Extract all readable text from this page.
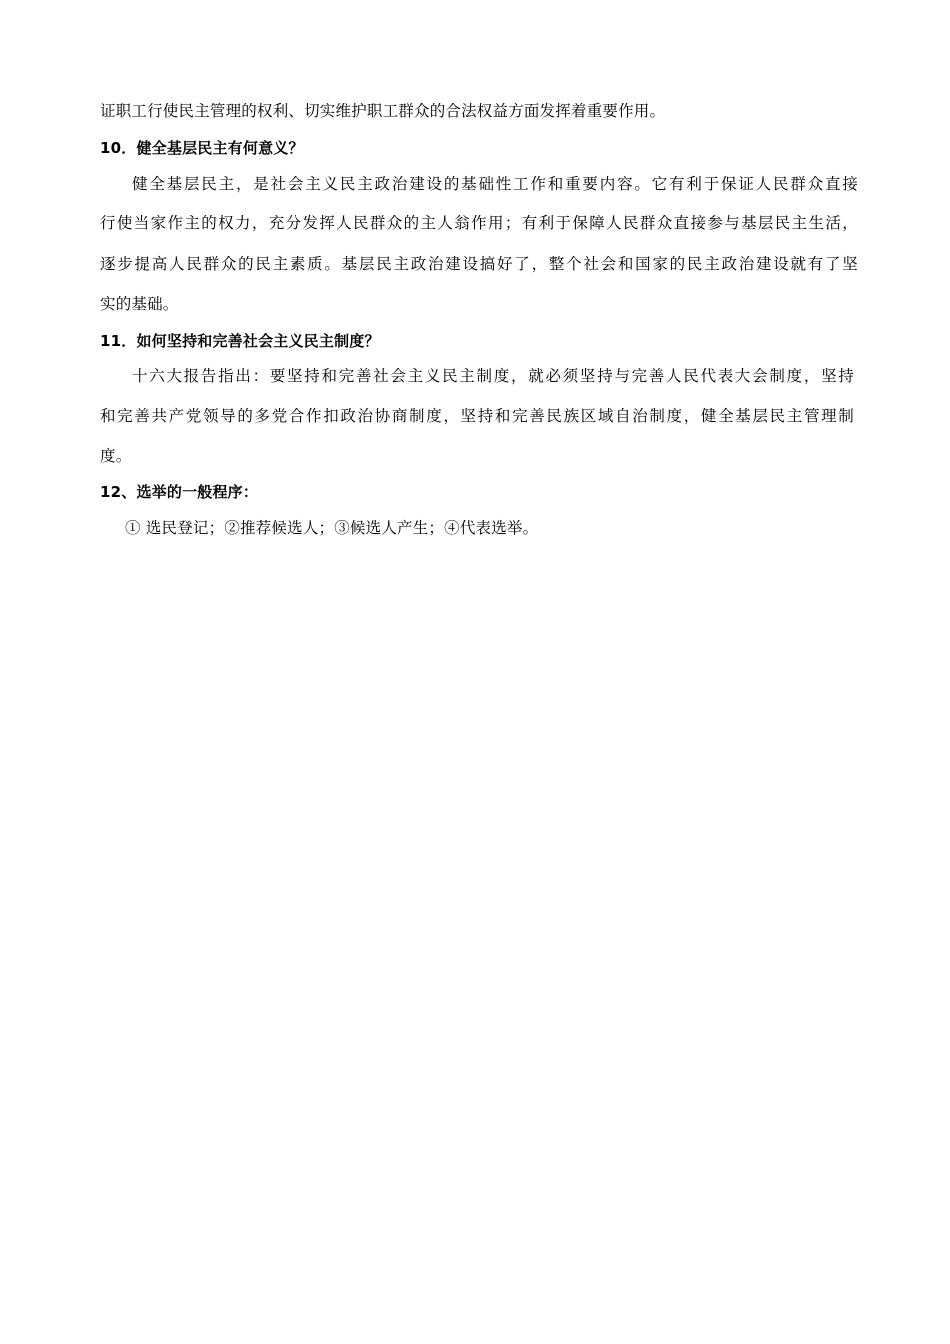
证职工行使民主管理的权利、切实维护职工群众的合法权益方面发挥着重要作用。
10．健全基层民主有何意义？
健全基层民主，是社会主义民主政治建设的基础性工作和重要内容。它有利于保证人民群众直接
行使当家作主的权力，充分发挥人民群众的主人翁作用；有利于保障人民群众直接参与基层民主生活，
逐步提高人民群众的民主素质。基层民主政治建设搞好了，整个社会和国家的民主政治建设就有了坚
实的基础。
11．如何坚持和完善社会主义民主制度？
十六大报告指出：要坚持和完善社会主义民主制度，就必须坚持与完善人民代表大会制度，坚持
和完善共产党领导的多党合作扣政治协商制度，坚持和完善民族区域自治制度，健全基层民主管理制
度。
12、选举的一般程序：
① 选民登记；②推荐候选人；③候选人产生；④代表选举。
